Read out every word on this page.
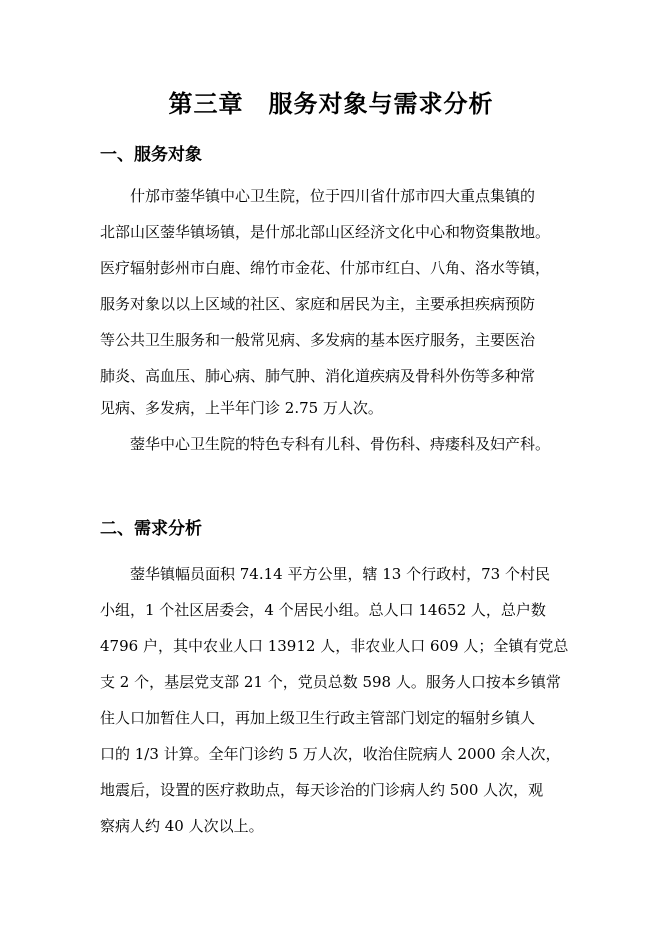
第三章　服务对象与需求分析
一、服务对象
什邡市蓥华镇中心卫生院，位于四川省什邡市四大重点集镇的
北部山区蓥华镇场镇，是什邡北部山区经济文化中心和物资集散地。
医疗辐射彭州市白鹿、绵竹市金花、什邡市红白、八角、洛水等镇，
服务对象以以上区域的社区、家庭和居民为主，主要承担疾病预防
等公共卫生服务和一般常见病、多发病的基本医疗服务，主要医治
肺炎、高血压、肺心病、肺气肿、消化道疾病及骨科外伤等多种常
见病、多发病，上半年门诊 2.75 万人次。
蓥华中心卫生院的特色专科有儿科、骨伤科、痔瘘科及妇产科。
二、需求分析
蓥华镇幅员面积 74.14 平方公里，辖 13 个行政村，73 个村民
小组，1 个社区居委会，4 个居民小组。总人口 14652 人，总户数
4796 户，其中农业人口 13912 人，非农业人口 609 人；全镇有党总
支 2 个，基层党支部 21 个，党员总数 598 人。服务人口按本乡镇常
住人口加暂住人口，再加上级卫生行政主管部门划定的辐射乡镇人
口的 1/3 计算。全年门诊约 5 万人次，收治住院病人 2000 余人次，
地震后，设置的医疗救助点，每天诊治的门诊病人约 500 人次，观
察病人约 40 人次以上。
